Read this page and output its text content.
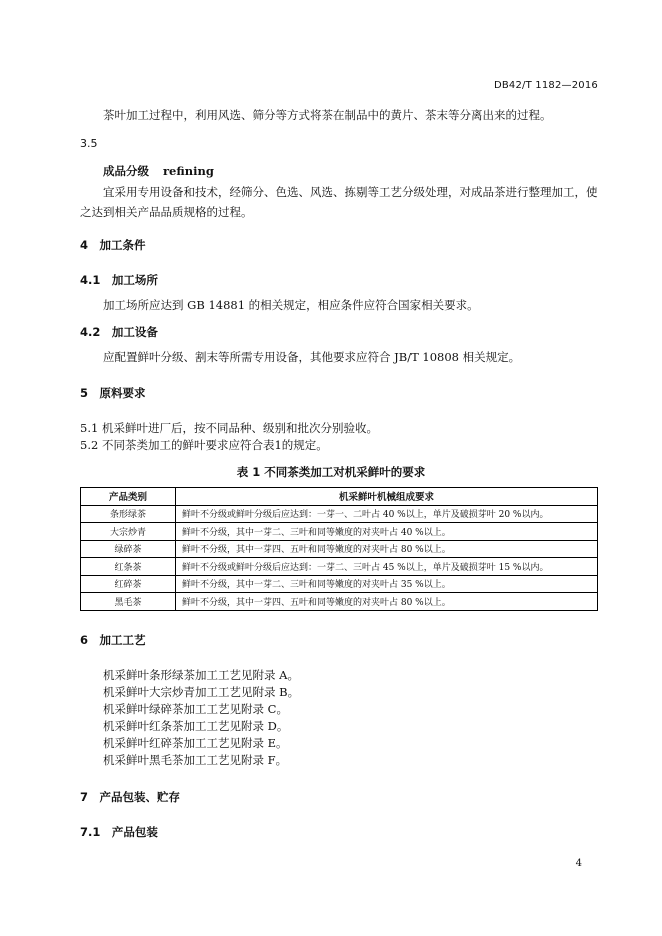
DB42/T 1182—2016
茶叶加工过程中，利用风选、筛分等方式将茶在制品中的黄片、茶末等分离出来的过程。
3.5
成品分级 refining
宜采用专用设备和技术，经筛分、色选、风选、拣剔等工艺分级处理，对成品茶进行整理加工，使
之达到相关产品品质规格的过程。
4　加工条件
4.1　加工场所
加工场所应达到 GB 14881 的相关规定，相应条件应符合国家相关要求。
4.2　加工设备
应配置鲜叶分级、割末等所需专用设备，其他要求应符合 JB/T 10808 相关规定。
5　原料要求
5.1 机采鲜叶进厂后，按不同品种、级别和批次分别验收。
5.2 不同茶类加工的鲜叶要求应符合表1的规定。
表 1 不同茶类加工对机采鲜叶的要求
产品类别	机采鲜叶机械组成要求
条形绿茶	鲜叶不分级或鲜叶分级后应达到：一芽一、二叶占 40 %以上，单片及破损芽叶 20 %以内。
大宗炒青	鲜叶不分级，其中一芽二、三叶和同等嫩度的对夹叶占 40 %以上。
绿碎茶	鲜叶不分级，其中一芽四、五叶和同等嫩度的对夹叶占 80 %以上。
红条茶	鲜叶不分级或鲜叶分级后应达到：一芽二、三叶占 45 %以上，单片及破损芽叶 15 %以内。
红碎茶	鲜叶不分级，其中一芽二、三叶和同等嫩度的对夹叶占 35 %以上。
黑毛茶	鲜叶不分级，其中一芽四、五叶和同等嫩度的对夹叶占 80 %以上。
6　加工工艺
机采鲜叶条形绿茶加工工艺见附录 A。
机采鲜叶大宗炒青加工工艺见附录 B。
机采鲜叶绿碎茶加工工艺见附录 C。
机采鲜叶红条茶加工工艺见附录 D。
机采鲜叶红碎茶加工工艺见附录 E。
机采鲜叶黑毛茶加工工艺见附录 F。
7　产品包装、贮存
7.1　产品包装
4
